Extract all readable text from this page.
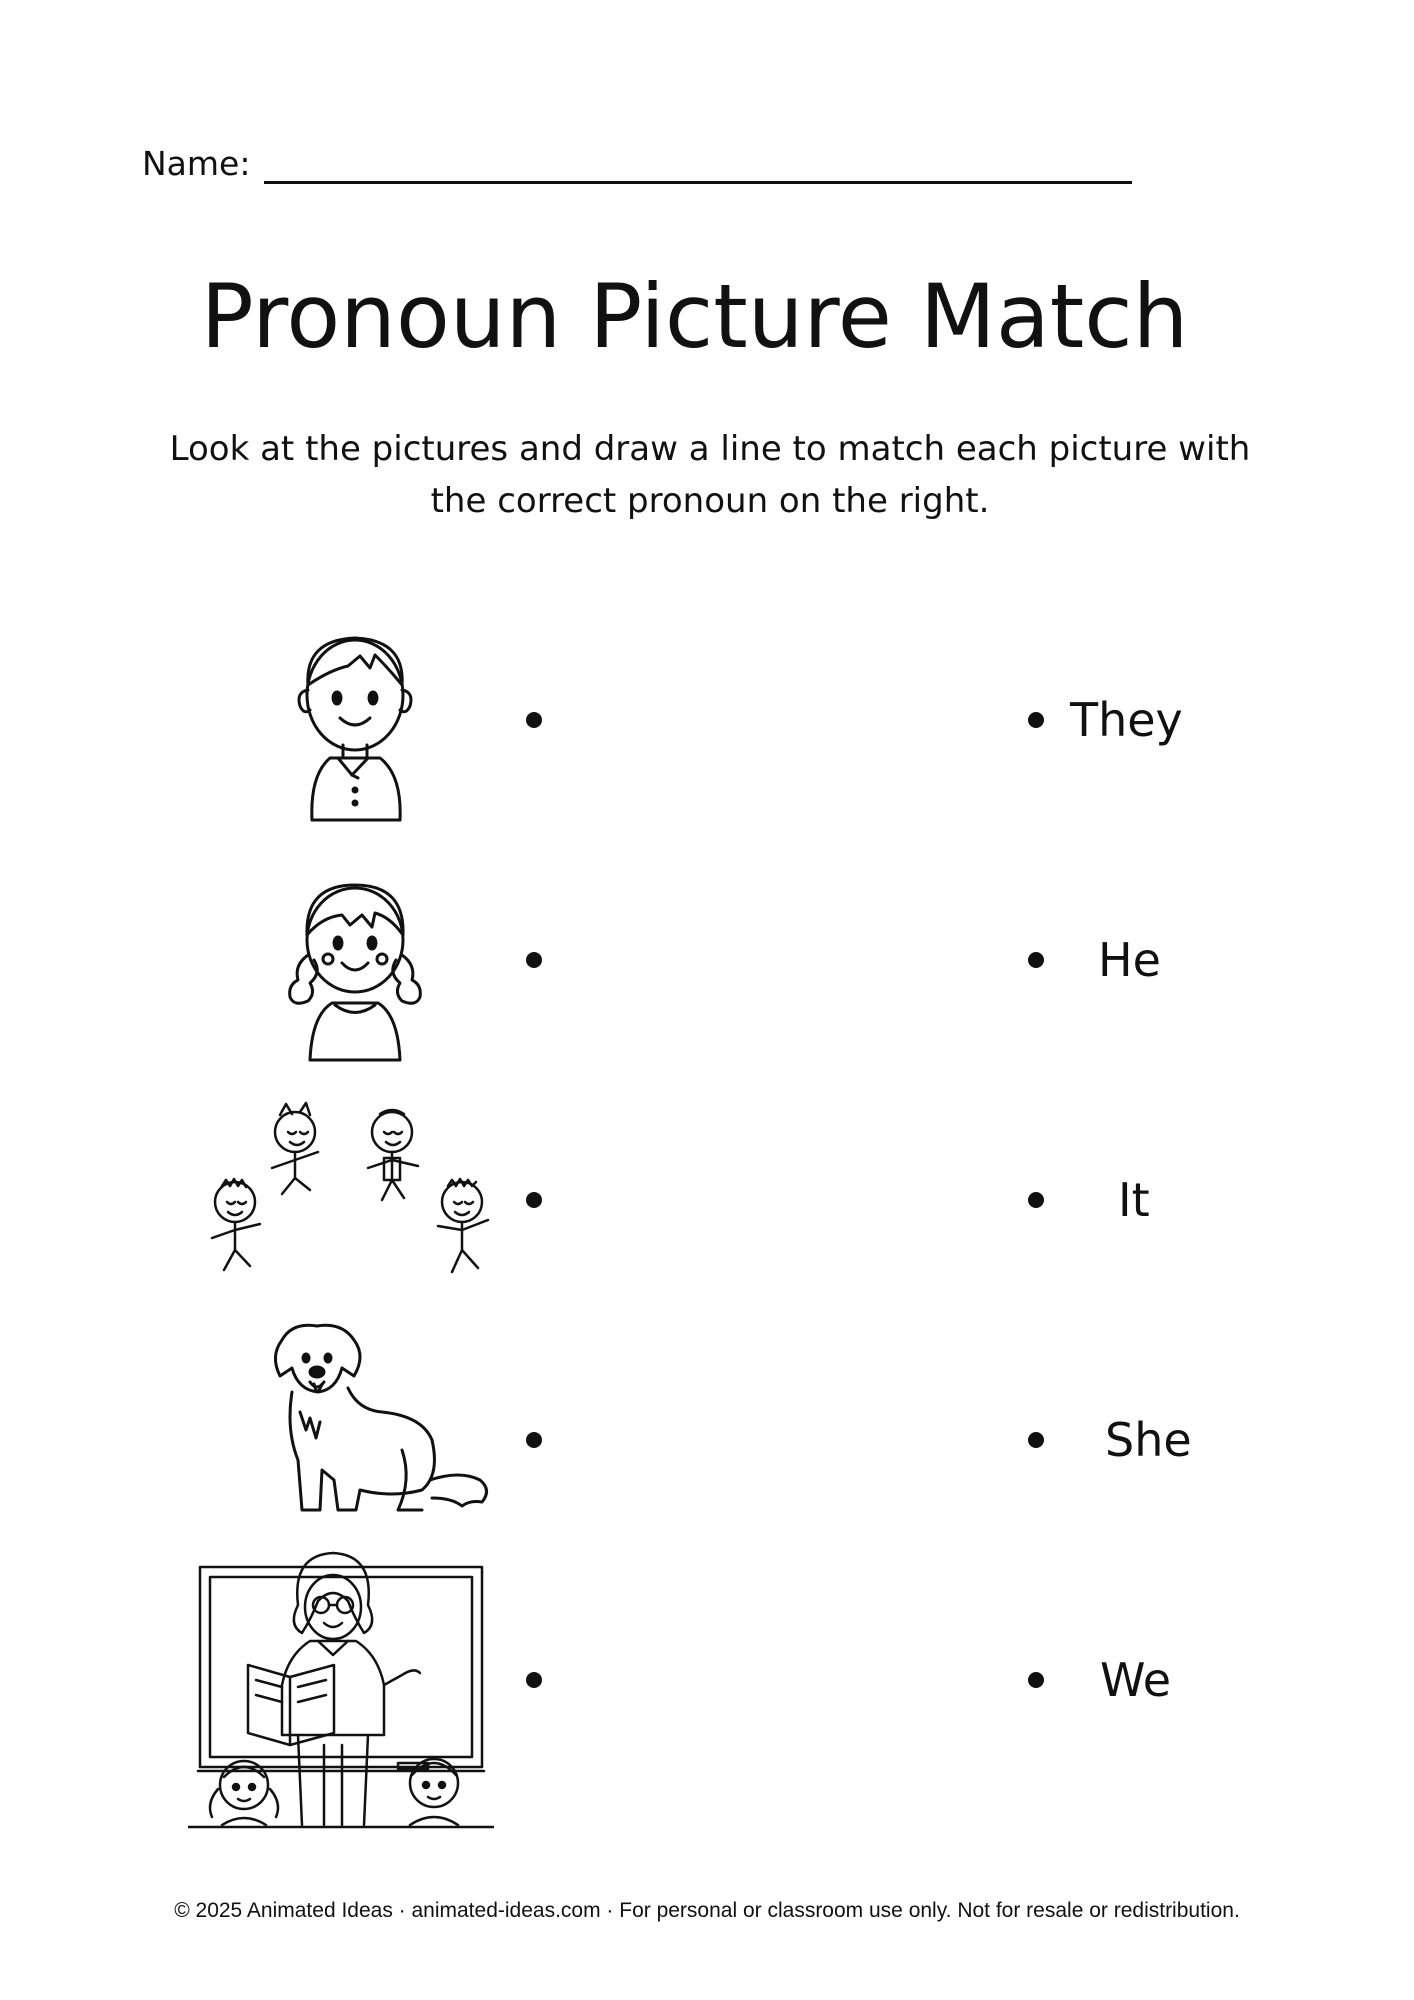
Name:
Pronoun Picture Match
Look at the pictures and draw a line to match each picture with the correct pronoun on the right.
They
He
It
She
We
© 2025 Animated Ideas · animated-ideas.com · For personal or classroom use only. Not for resale or redistribution.
